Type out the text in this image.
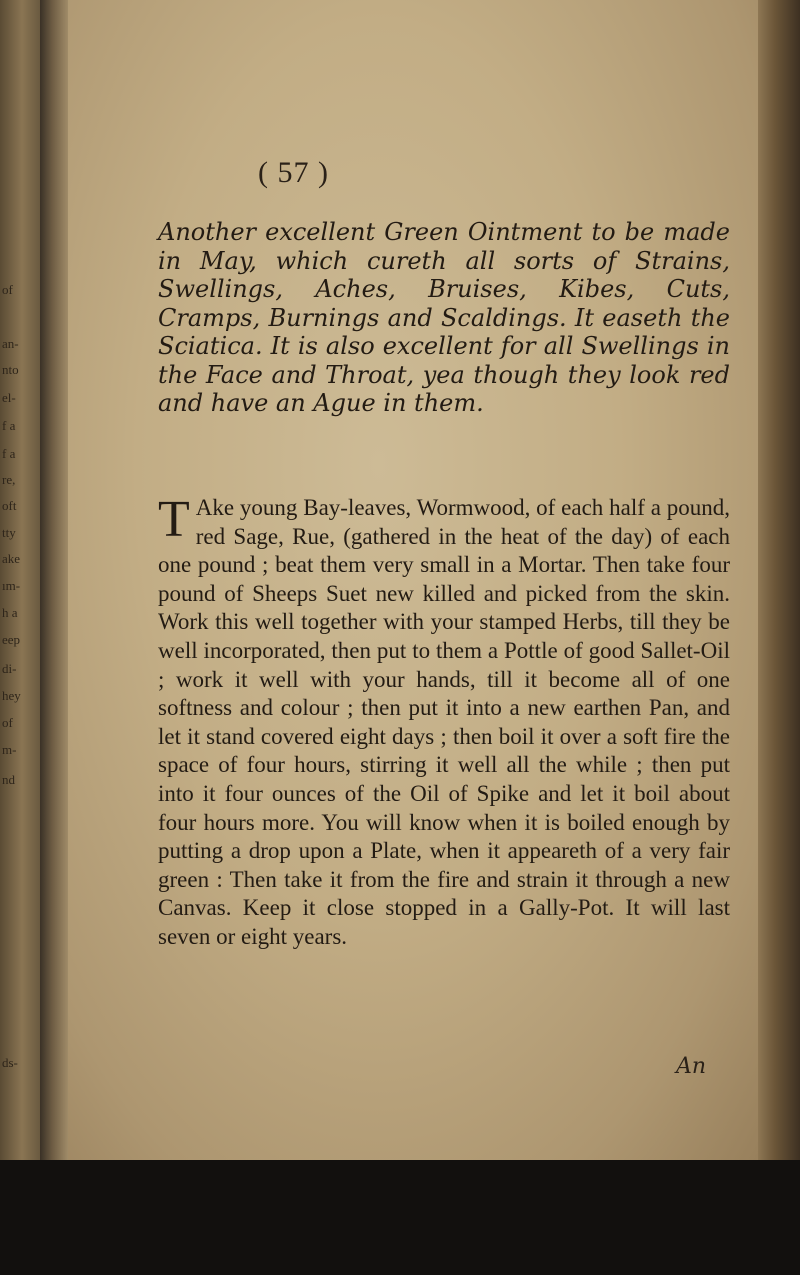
of
an-
nto
el-
f a
f a
re,
oft
tty
ake
ım-
h a
eep
di-
hey
of
m-
nd
ds-
( 57 )
Another excellent Green Ointment to be made in May, which cureth all sorts of Strains, Swellings, Aches, Bruises, Kibes, Cuts, Cramps, Burnings and Scaldings. It easeth the Sciatica. It is also excellent for all Swellings in the Face and Throat, yea though they look red and have an Ague in them.

T Ake young Bay-leaves, Wormwood, of each half a pound, red Sage, Rue, (gathered in the heat of the day) of each one pound ; beat them very small in a Mortar. Then take four pound of Sheeps Suet new killed and picked from the skin. Work this well together with your stamped Herbs, till they be well incorporated, then put to them a Pottle of good Sallet-Oil ; work it well with your hands, till it become all of one softness and colour ; then put it into a new earthen Pan, and let it stand covered eight days ; then boil it over a soft fire the space of four hours, stirring it well all the while ; then put into it four ounces of the Oil of Spike and let it boil about four hours more. You will know when it is boiled enough by putting a drop upon a Plate, when it appeareth of a very fair green : Then take it from the fire and strain it through a new Canvas. Keep it close stopped in a Gally-Pot. It will last seven or eight years.

An
